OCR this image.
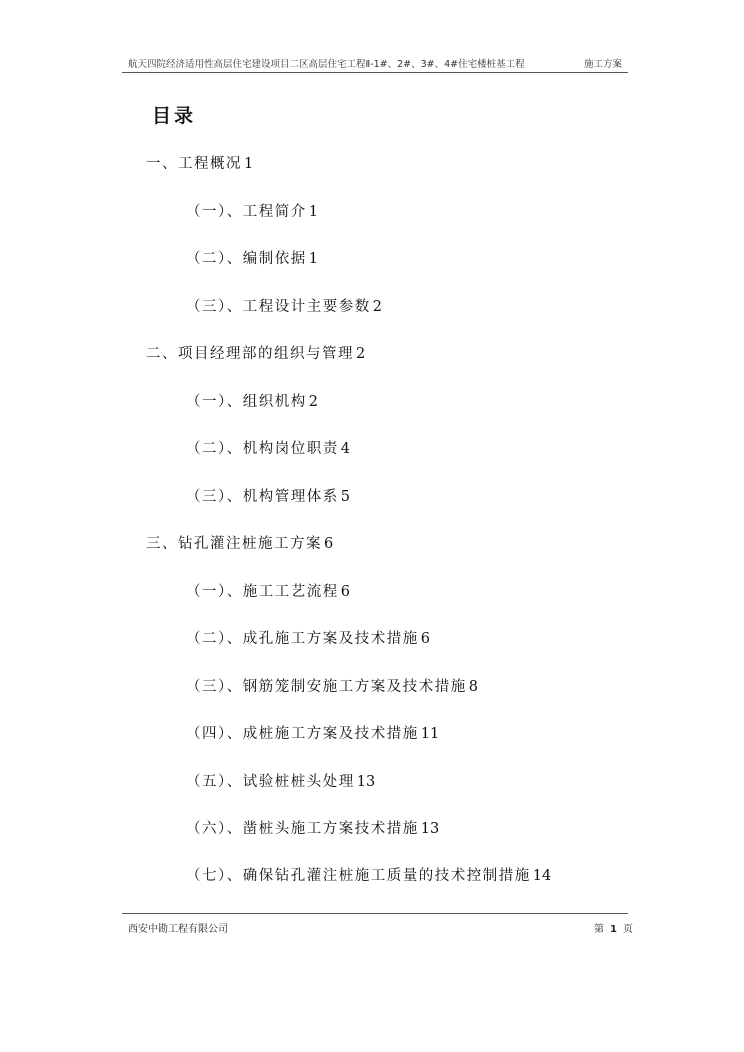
航天四院经济适用性高层住宅建设项目二区高层住宅工程Ⅱ-1#、2#、3#、4#住宅楼桩基工程	施工方案
目录
一、工程概况 1
（一）、工程简介 1
（二）、编制依据 1
（三）、工程设计主要参数 2
二、项目经理部的组织与管理 2
（一）、组织机构 2
（二）、机构岗位职责 4
（三）、机构管理体系 5
三、钻孔灌注桩施工方案 6
（一）、施工工艺流程 6
（二）、成孔施工方案及技术措施 6
（三）、钢筋笼制安施工方案及技术措施 8
（四）、成桩施工方案及技术措施 11
（五）、试验桩桩头处理 13
（六）、凿桩头施工方案技术措施 13
（七）、确保钻孔灌注桩施工质量的技术控制措施 14
西安中勘工程有限公司	第 1 页
